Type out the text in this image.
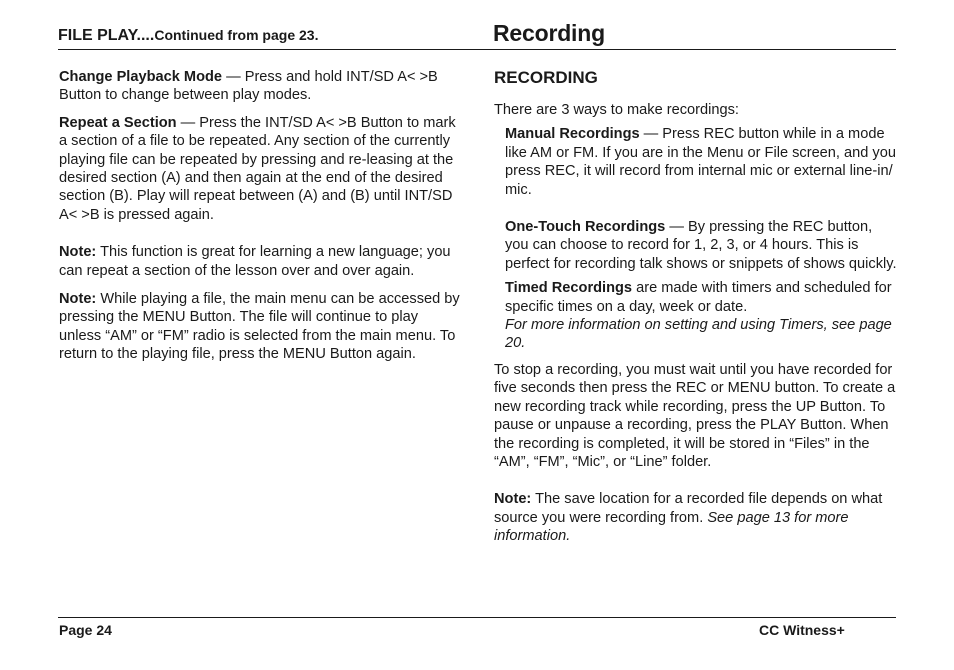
FILE PLAY....Continued from page 23.	Recording

Change Playback Mode — Press and hold INT/SD A< >B Button to change between play modes.

Repeat a Section — Press the INT/SD A< >B Button to mark a section of a file to be repeated. Any section of the currently playing file can be repeated by pressing and re-leasing at the desired section (A) and then again at the end of the desired section (B). Play will repeat between (A) and (B) until INT/SD A< >B is pressed again.

Note: This function is great for learning a new language; you can repeat a section of the lesson over and over again.

Note: While playing a file, the main menu can be accessed by pressing the MENU Button. The file will continue to play unless “AM” or “FM” radio is selected from the main menu. To return to the playing file, press the MENU Button again.

RECORDING

There are 3 ways to make recordings:

Manual Recordings — Press REC button while in a mode like AM or FM. If you are in the Menu or File screen, and you press REC, it will record from internal mic or external line-in/ mic.

One-Touch Recordings — By pressing the REC button, you can choose to record for 1, 2, 3, or 4 hours. This is perfect for recording talk shows or snippets of shows quickly.

Timed Recordings are made with timers and scheduled for specific times on a day, week or date.
For more information on setting and using Timers, see page 20.

To stop a recording, you must wait until you have recorded for five seconds then press the REC or MENU button. To create a new recording track while recording, press the UP Button. To pause or unpause a recording, press the PLAY Button. When the recording is completed, it will be stored in “Files” in the “AM”, “FM”, “Mic”, or “Line” folder.

Note: The save location for a recorded file depends on what source you were recording from. See page 13 for more information.

Page 24	CC Witness+
